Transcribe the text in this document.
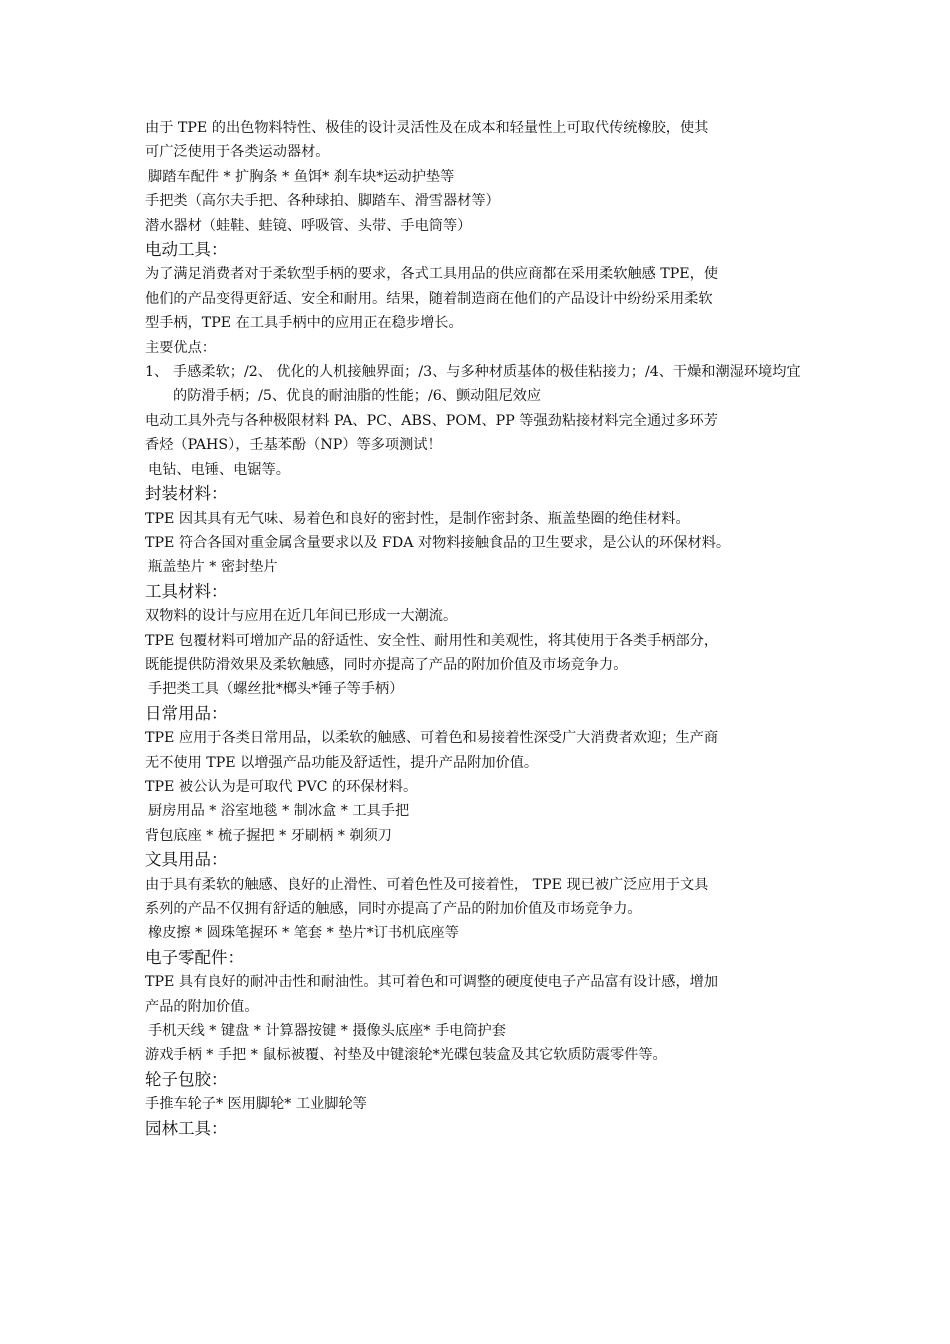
由于 TPE 的出色物料特性、极佳的设计灵活性及在成本和轻量性上可取代传统橡胶，使其

可广泛使用于各类运动器材。

脚踏车配件 * 扩胸条 * 鱼饵* 刹车块*运动护垫等

手把类（高尔夫手把、各种球拍、脚踏车、滑雪器材等）

潜水器材（蛙鞋、蛙镜、呼吸管、头带、手电筒等）

电动工具：

为了满足消费者对于柔软型手柄的要求，各式工具用品的供应商都在采用柔软触感 TPE，使

他们的产品变得更舒适、安全和耐用。结果，随着制造商在他们的产品设计中纷纷采用柔软

型手柄，TPE 在工具手柄中的应用正在稳步增长。

主要优点：

1、 手感柔软；/2、 优化的人机接触界面；/3、与多种材质基体的极佳粘接力；/4、干燥和潮湿环境均宜的防滑手柄；/5、优良的耐油脂的性能；/6、颤动阻尼效应

电动工具外壳与各种极限材料 PA、PC、ABS、POM、PP 等强劲粘接材料完全通过多环芳

香烃（PAHS），壬基苯酚（NP）等多项测试！

电钻、电锤、电锯等。

封装材料：

TPE 因其具有无气味、易着色和良好的密封性，是制作密封条、瓶盖垫圈的绝佳材料。

TPE 符合各国对重金属含量要求以及 FDA 对物料接触食品的卫生要求，是公认的环保材料。

瓶盖垫片 * 密封垫片

工具材料：

双物料的设计与应用在近几年间已形成一大潮流。

TPE 包覆材料可增加产品的舒适性、安全性、耐用性和美观性，将其使用于各类手柄部分，

既能提供防滑效果及柔软触感，同时亦提高了产品的附加价值及市场竞争力。

手把类工具（螺丝批*榔头*锤子等手柄）

日常用品：

TPE 应用于各类日常用品，以柔软的触感、可着色和易接着性深受广大消费者欢迎；生产商

无不使用 TPE 以增强产品功能及舒适性，提升产品附加价值。

TPE 被公认为是可取代 PVC 的环保材料。

厨房用品 * 浴室地毯 * 制冰盒 * 工具手把

背包底座 * 梳子握把 * 牙刷柄 * 剃须刀

文具用品：

由于具有柔软的触感、良好的止滑性、可着色性及可接着性， TPE 现已被广泛应用于文具

系列的产品不仅拥有舒适的触感，同时亦提高了产品的附加价值及市场竞争力。

橡皮擦 * 圆珠笔握环 * 笔套 * 垫片*订书机底座等

电子零配件：

TPE 具有良好的耐冲击性和耐油性。其可着色和可调整的硬度使电子产品富有设计感，增加

产品的附加价值。

手机天线 * 键盘 * 计算器按键 * 摄像头底座* 手电筒护套

游戏手柄 * 手把 * 鼠标被覆、衬垫及中键滚轮*光碟包装盒及其它软质防震零件等。

轮子包胶：

手推车轮子* 医用脚轮* 工业脚轮等

园林工具：
